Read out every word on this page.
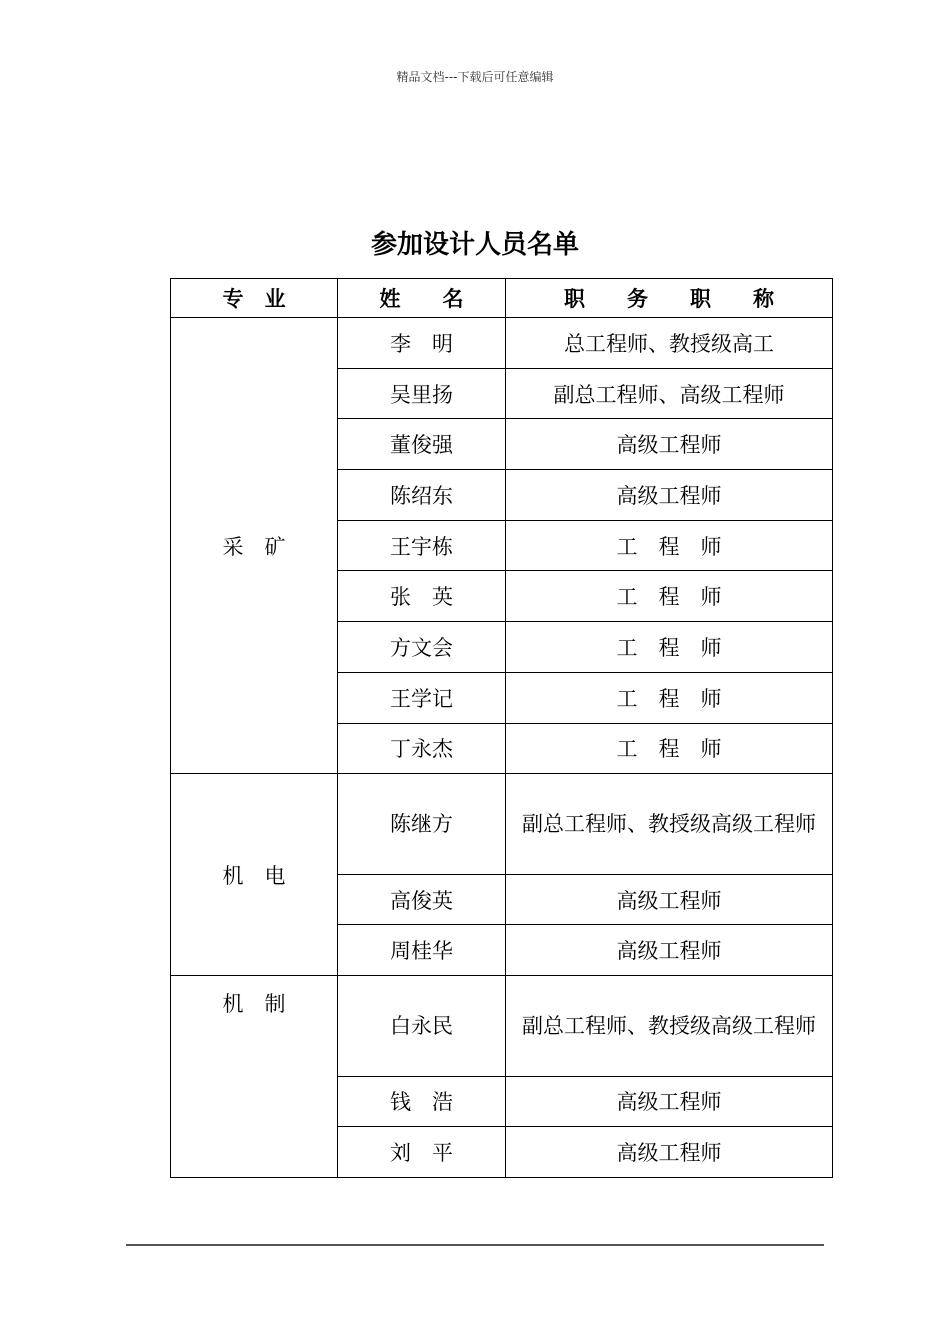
精品文档---下载后可任意编辑
参加设计人员名单
专　业	姓　　名	职　　务　　职　　称
采　矿	李　明	总工程师、教授级高工
	吴里扬	副总工程师、高级工程师
	董俊强	高级工程师
	陈绍东	高级工程师
	王宇栋	工　程　师
	张　英	工　程　师
	方文会	工　程　师
	王学记	工　程　师
	丁永杰	工　程　师
机　电	陈继方	副总工程师、教授级高级工程师
	高俊英	高级工程师
	周桂华	高级工程师
机　制	白永民	副总工程师、教授级高级工程师
	钱　浩	高级工程师
	刘　平	高级工程师
